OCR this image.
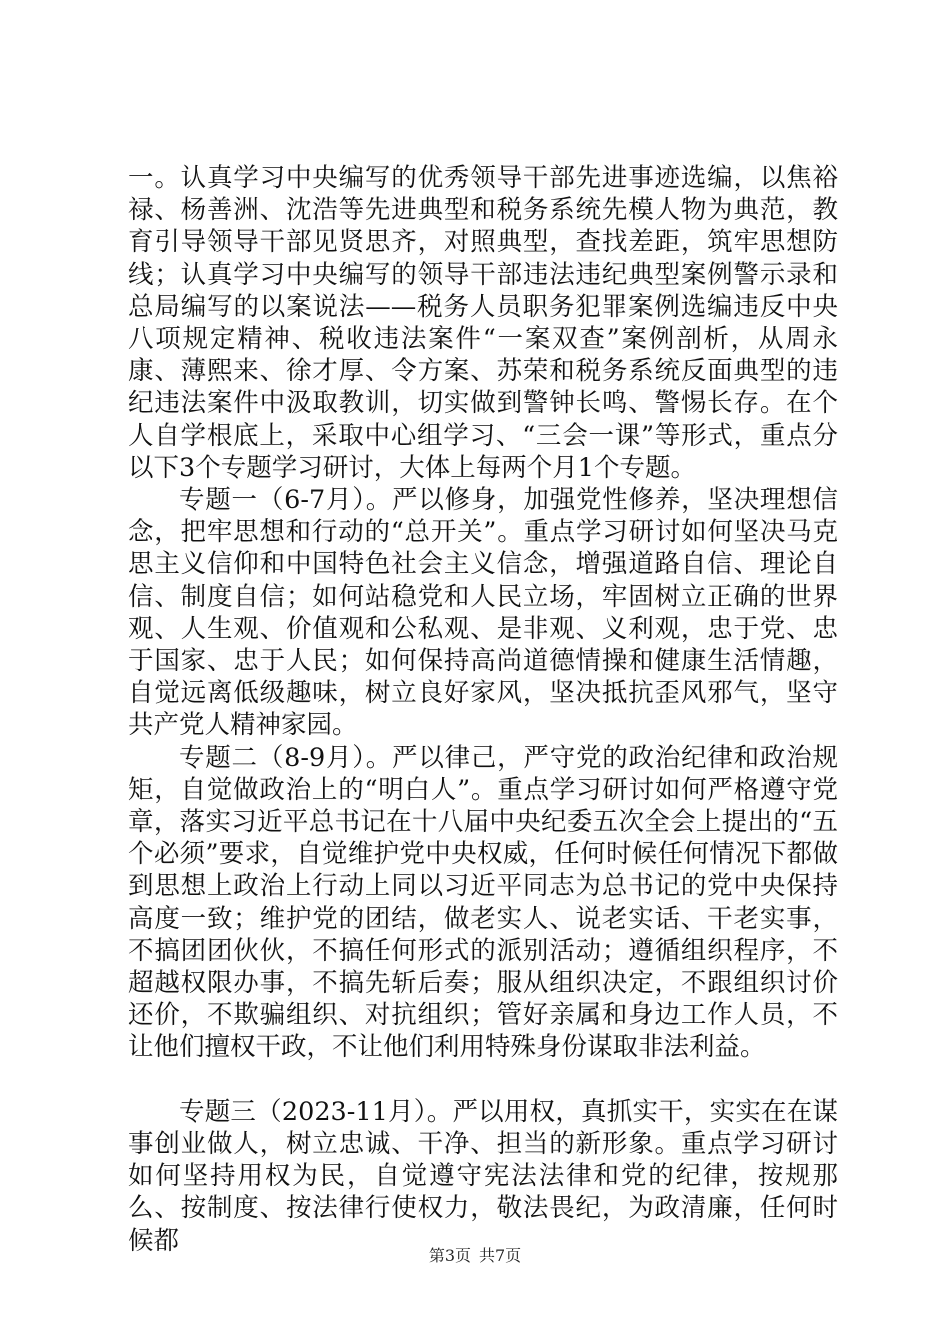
一。认真学习中央编写的优秀领导干部先进事迹选编，以焦裕禄、杨善洲、沈浩等先进典型和税务系统先模人物为典范，教育引导领导干部见贤思齐，对照典型，查找差距，筑牢思想防线；认真学习中央编写的领导干部违法违纪典型案例警示录和总局编写的以案说法——税务人员职务犯罪案例选编违反中央八项规定精神、税收违法案件“一案双查”案例剖析，从周永康、薄熙来、徐才厚、令方案、苏荣和税务系统反面典型的违纪违法案件中汲取教训，切实做到警钟长鸣、警惕长存。在个人自学根底上，采取中心组学习、“三会一课”等形式，重点分以下3个专题学习研讨，大体上每两个月1个专题。

专题一（6-7月）。严以修身，加强党性修养，坚决理想信念，把牢思想和行动的“总开关”。重点学习研讨如何坚决马克思主义信仰和中国特色社会主义信念，增强道路自信、理论自信、制度自信；如何站稳党和人民立场，牢固树立正确的世界观、人生观、价值观和公私观、是非观、义利观，忠于党、忠于国家、忠于人民；如何保持高尚道德情操和健康生活情趣，自觉远离低级趣味，树立良好家风，坚决抵抗歪风邪气，坚守共产党人精神家园。

专题二（8-9月）。严以律己，严守党的政治纪律和政治规矩，自觉做政治上的“明白人”。重点学习研讨如何严格遵守党章，落实习近平总书记在十八届中央纪委五次全会上提出的“五个必须”要求，自觉维护党中央权威，任何时候任何情况下都做到思想上政治上行动上同以习近平同志为总书记的党中央保持高度一致；维护党的团结，做老实人、说老实话、干老实事，不搞团团伙伙，不搞任何形式的派别活动；遵循组织程序，不超越权限办事，不搞先斩后奏；服从组织决定，不跟组织讨价还价，不欺骗组织、对抗组织；管好亲属和身边工作人员，不让他们擅权干政，不让他们利用特殊身份谋取非法利益。

专题三（2023-11月）。严以用权，真抓实干，实实在在谋事创业做人，树立忠诚、干净、担当的新形象。重点学习研讨如何坚持用权为民，自觉遵守宪法法律和党的纪律，按规那么、按制度、按法律行使权力，敬法畏纪，为政清廉，任何时候都	第3页 共7页
